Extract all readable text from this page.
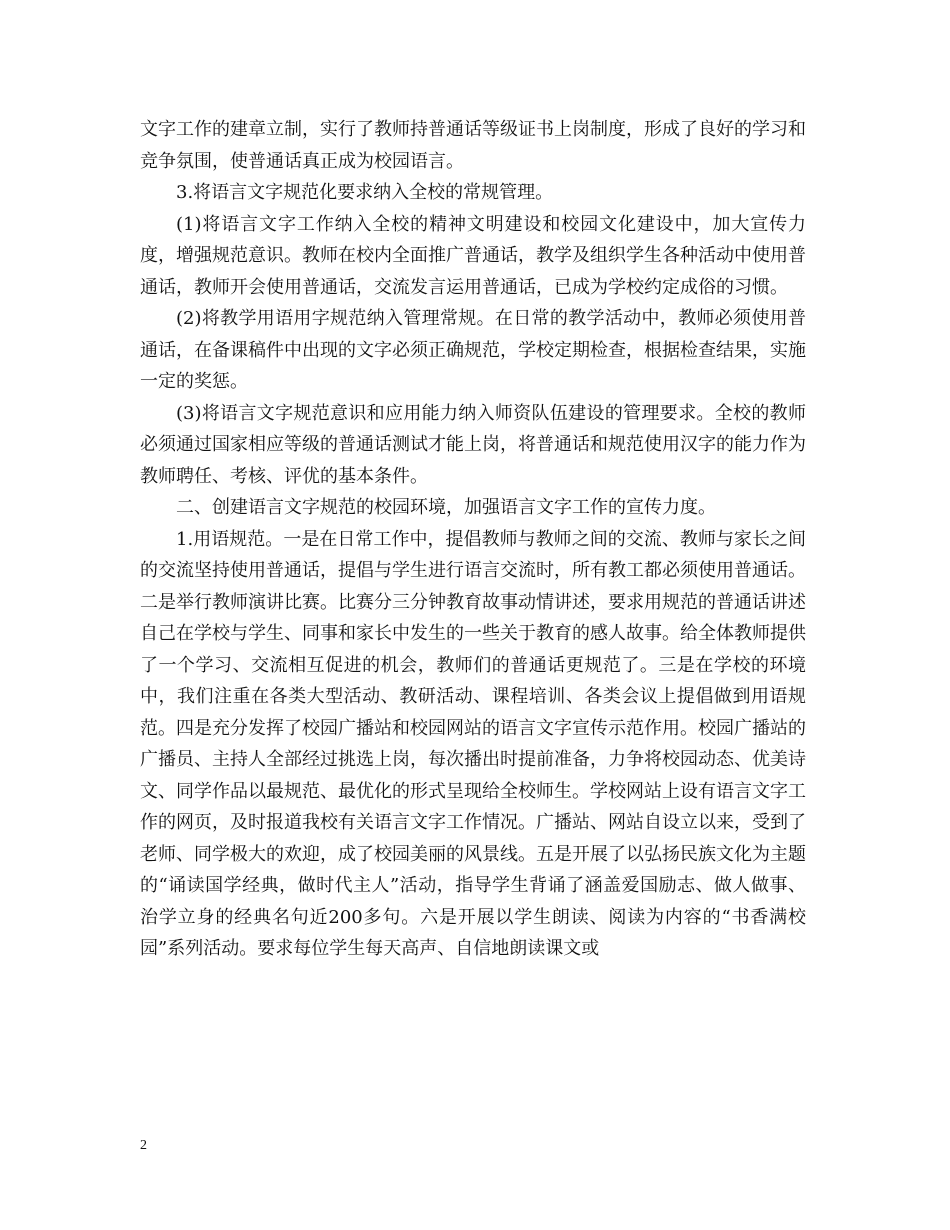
文字工作的建章立制，实行了教师持普通话等级证书上岗制度，形成了良好的学习和竞争氛围，使普通话真正成为校园语言。

3.将语言文字规范化要求纳入全校的常规管理。

(1)将语言文字工作纳入全校的精神文明建设和校园文化建设中，加大宣传力度，增强规范意识。教师在校内全面推广普通话，教学及组织学生各种活动中使用普通话，教师开会使用普通话，交流发言运用普通话，已成为学校约定成俗的习惯。

(2)将教学用语用字规范纳入管理常规。在日常的教学活动中，教师必须使用普通话，在备课稿件中出现的文字必须正确规范，学校定期检查，根据检查结果，实施一定的奖惩。

(3)将语言文字规范意识和应用能力纳入师资队伍建设的管理要求。全校的教师必须通过国家相应等级的普通话测试才能上岗，将普通话和规范使用汉字的能力作为教师聘任、考核、评优的基本条件。

二、创建语言文字规范的校园环境，加强语言文字工作的宣传力度。

1.用语规范。一是在日常工作中，提倡教师与教师之间的交流、教师与家长之间的交流坚持使用普通话，提倡与学生进行语言交流时，所有教工都必须使用普通话。二是举行教师演讲比赛。比赛分三分钟教育故事动情讲述，要求用规范的普通话讲述自己在学校与学生、同事和家长中发生的一些关于教育的感人故事。给全体教师提供了一个学习、交流相互促进的机会，教师们的普通话更规范了。三是在学校的环境中，我们注重在各类大型活动、教研活动、课程培训、各类会议上提倡做到用语规范。四是充分发挥了校园广播站和校园网站的语言文字宣传示范作用。校园广播站的广播员、主持人全部经过挑选上岗，每次播出时提前准备，力争将校园动态、优美诗文、同学作品以最规范、最优化的形式呈现给全校师生。学校网站上设有语言文字工作的网页，及时报道我校有关语言文字工作情况。广播站、网站自设立以来，受到了老师、同学极大的欢迎，成了校园美丽的风景线。五是开展了以弘扬民族文化为主题的“诵读国学经典，做时代主人”活动，指导学生背诵了涵盖爱国励志、做人做事、治学立身的经典名句近200多句。六是开展以学生朗读、阅读为内容的“书香满校园”系列活动。要求每位学生每天高声、自信地朗读课文或

2
